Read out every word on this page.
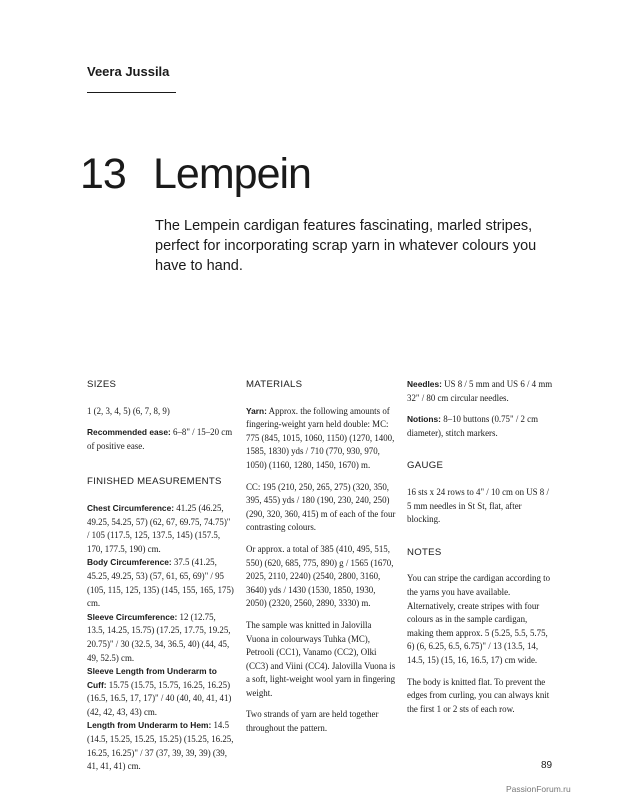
Veera Jussila
13 Lempein
The Lempein cardigan features fascinating, marled stripes, perfect for incorporating scrap yarn in whatever colours you have to hand.
SIZES

1 (2, 3, 4, 5) (6, 7, 8, 9)

Recommended ease: 6–8" / 15–20 cm of positive ease.

FINISHED MEASUREMENTS

Chest Circumference: 41.25 (46.25, 49.25, 54.25, 57) (62, 67, 69.75, 74.75)" / 105 (117.5, 125, 137.5, 145) (157.5, 170, 177.5, 190) cm.

Body Circumference: 37.5 (41.25, 45.25, 49.25, 53) (57, 61, 65, 69)" / 95 (105, 115, 125, 135) (145, 155, 165, 175) cm.

Sleeve Circumference: 12 (12.75, 13.5, 14.25, 15.75) (17.25, 17.75, 19.25, 20.75)" / 30 (32.5, 34, 36.5, 40) (44, 45, 49, 52.5) cm.

Sleeve Length from Underarm to Cuff: 15.75 (15.75, 15.75, 16.25, 16.25) (16.5, 16.5, 17, 17)" / 40 (40, 40, 41, 41) (42, 42, 43, 43) cm.

Length from Underarm to Hem: 14.5 (14.5, 15.25, 15.25, 15.25) (15.25, 16.25, 16.25, 16.25)" / 37 (37, 39, 39, 39) (39, 41, 41, 41) cm.

MATERIALS

Yarn: Approx. the following amounts of fingering-weight yarn held double: MC: 775 (845, 1015, 1060, 1150) (1270, 1400, 1585, 1830) yds / 710 (770, 930, 970, 1050) (1160, 1280, 1450, 1670) m.

CC: 195 (210, 250, 265, 275) (320, 350, 395, 455) yds / 180 (190, 230, 240, 250) (290, 320, 360, 415) m of each of the four contrasting colours.

Or approx. a total of 385 (410, 495, 515, 550) (620, 685, 775, 890) g / 1565 (1670, 2025, 2110, 2240) (2540, 2800, 3160, 3640) yds / 1430 (1530, 1850, 1930, 2050) (2320, 2560, 2890, 3330) m.

The sample was knitted in Jalovilla Vuona in colourways Tuhka (MC), Petrooli (CC1), Vanamo (CC2), Olki (CC3) and Viini (CC4). Jalovilla Vuona is a soft, light-weight wool yarn in fingering weight.

Two strands of yarn are held together throughout the pattern.

Needles: US 8 / 5 mm and US 6 / 4 mm 32" / 80 cm circular needles.

Notions: 8–10 buttons (0.75" / 2 cm diameter), stitch markers.

GAUGE

16 sts x 24 rows to 4" / 10 cm on US 8 / 5 mm needles in St St, flat, after blocking.

NOTES

You can stripe the cardigan according to the yarns you have available. Alternatively, create stripes with four colours as in the sample cardigan, making them approx. 5 (5.25, 5.5, 5.75, 6) (6, 6.25, 6.5, 6.75)" / 13 (13.5, 14, 14.5, 15) (15, 16, 16.5, 17) cm wide.

The body is knitted flat. To prevent the edges from curling, you can always knit the first 1 or 2 sts of each row.

89
PassionForum.ru
